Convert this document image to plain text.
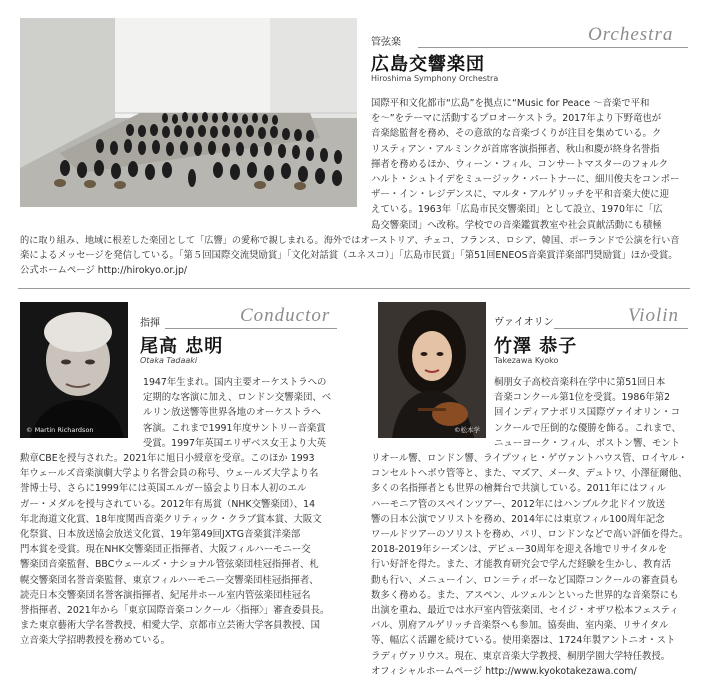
管弦楽	Orchestra
広島交響楽団
Hiroshima Symphony Orchestra
国際平和文化都市“広島”を拠点に“Music for Peace ～音楽で平和
を～”をテーマに活動するプロオーケストラ。2017年より下野竜也が
音楽総監督を務め、その意欲的な音楽づくりが注目を集めている。ク
リスティアン・アルミンクが首席客演指揮者、秋山和慶が終身名誉指
揮者を務めるほか、ウィーン・フィル、コンサートマスターのフォルク
ハルト・シュトイデをミュージック・パートナーに、細川俊夫をコンポー
ザー・イン・レジデンスに、マルタ・アルゲリッチを平和音楽大使に迎
えている。1963年「広島市民交響楽団」として設立、1970年に「広
島交響楽団」へ改称。学校での音楽鑑賞教室や社会貢献活動にも積極
的に取り組み、地域に根差した楽団として「広響」の愛称で親しまれる。海外ではオーストリア、チェコ、フランス、ロシア、韓国、ポーランドで公演を行い音
楽によるメッセージを発信している。「第５回国際交流奨励賞」「文化対話賞（ユネスコ）」「広島市民賞」「第51回ENEOS音楽賞洋楽部門奨励賞」ほか受賞。
公式ホームページ http://hirokyo.or.jp/
© Martin Richardson
指揮	Conductor
尾高 忠明
Otaka Tadaaki
1947年生まれ。国内主要オーケストラへの
定期的な客演に加え、ロンドン交響楽団、ベ
ルリン放送響等世界各地のオーケストラへ
客演。これまで1991年度サントリー音楽賞
受賞。1997年英国エリザベス女王より大英
勲章CBEを授与された。2021年に旭日小綬章を受章。このほか 1993
年ウェールズ音楽演劇大学より名誉会員の称号、ウェールズ大学より名
誉博士号、さらに1999年には英国エルガー協会より日本人初のエル
ガー・メダルを授与されている。2012年有馬賞（NHK交響楽団）、14
年北海道文化賞、18年度関西音楽クリティック・クラブ賞本賞、大阪文
化祭賞、日本放送協会放送文化賞、19年第49回JXTG音楽賞洋楽部
門本賞を受賞。現在NHK交響楽団正指揮者、大阪フィルハーモニー交
響楽団音楽監督、BBCウェールズ・ナショナル管弦楽団桂冠指揮者、札
幌交響楽団名誉音楽監督、東京フィルハーモニー交響楽団桂冠指揮者、
読売日本交響楽団名誉客演指揮者、紀尾井ホール室内管弦楽団桂冠名
誉指揮者、2021年から「東京国際音楽コンクール〈指揮〉」審査委員長。
また東京藝術大学名誉教授、相愛大学、京都市立芸術大学客員教授、国
立音楽大学招聘教授を務めている。
©松本学
ヴァイオリン	Violin
竹澤 恭子
Takezawa Kyoko
桐朋女子高校音楽科在学中に第51回日本
音楽コンクール第1位を受賞。1986年第2
回インディアナポリス国際ヴァイオリン・コ
ンクールで圧倒的な優勝を飾る。これまで、
ニューヨーク・フィル、ボストン響、モント
リオール響、ロンドン響、ライプツィヒ・ゲヴァントハウス管、ロイヤル・
コンセルトヘボウ管等と、また、マズア、メータ、デュトワ、小澤征爾他、
多くの名指揮者とも世界の檜舞台で共演している。2011年にはフィル
ハーモニア管のスペインツアー、2012年にはハンブルク北ドイツ放送
響の日本公演でソリストを務め、2014年には東京フィル100周年記念
ワールドツアーのソリストを務め、パリ、ロンドンなどで高い評価を得た。
2018-2019年シーズンは、デビュー30周年を迎え各地でリサイタルを
行い好評を得た。また、才能教育研究会で学んだ経験を生かし、教育活
動も行い、メニューイン、ロン＝ティボーなど国際コンクールの審査員も
数多く務める。また、アスペン、ルツェルンといった世界的な音楽祭にも
出演を重ね、最近では水戸室内管弦楽団、セイジ・オザワ松本フェスティ
バル、別府アルゲリッチ音楽祭へも参加。協奏曲、室内楽、リサイタル
等、幅広く活躍を続けている。使用楽器は、1724年製アントニオ・スト
ラディヴァリウス。現在、東京音楽大学教授、桐朋学園大学特任教授。
オフィシャルホームページ http://www.kyokotakezawa.com/
